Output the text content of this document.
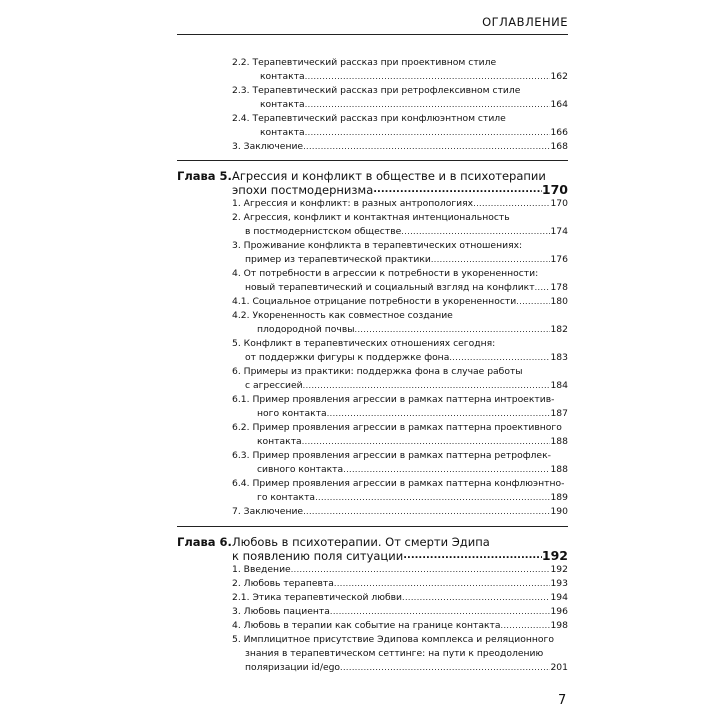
ОГЛАВЛЕНИЕ
2.2. Терапевтический рассказ при проективном стиле
контакта .....	162
2.3. Терапевтический рассказ при ретрофлексивном стиле
контакта .....	164
2.4. Терапевтический рассказ при конфлюэнтном стиле
контакта .....	166
3. Заключение .....	168
Глава 5. Агрессия и конфликт в обществе и в психотерапии
эпохи постмодернизма .....	170
1. Агрессия и конфликт: в разных антропологиях .....	170
2. Агрессия, конфликт и контактная интенциональность
в постмодернистском обществе .....	174
3. Проживание конфликта в терапевтических отношениях:
пример из терапевтической практики .....	176
4. От потребности в агрессии к потребности в укорененности:
новый терапевтический и социальный взгляд на конфликт ..... 178
4.1. Социальное отрицание потребности в укорененности .....	180
4.2. Укорененность как совместное создание
плодородной почвы .....	182
5. Конфликт в терапевтических отношениях сегодня:
от поддержки фигуры к поддержке фона .....	183
6. Примеры из практики: поддержка фона в случае работы
с агрессией .....	184
6.1. Пример проявления агрессии в рамках паттерна интроектив-
ного контакта .....	187
6.2. Пример проявления агрессии в рамках паттерна проективного
контакта .....	188
6.3. Пример проявления агрессии в рамках паттерна ретрофлек-
сивного контакта .....	188
6.4. Пример проявления агрессии в рамках паттерна конфлюэнтно-
го контакта .....	189
7. Заключение .....	190
Глава 6. Любовь в психотерапии. От смерти Эдипа
к появлению поля ситуации .....	192
1. Введение .....	192
2. Любовь терапевта .....	193
2.1. Этика терапевтической любви .....	194
3. Любовь пациента .....	196
4. Любовь в терапии как событие на границе контакта .....	198
5. Имплицитное присутствие Эдипова комплекса и реляционного
знания в терапевтическом сеттинге: на пути к преодолению
поляризации id/ego .....	201
7
